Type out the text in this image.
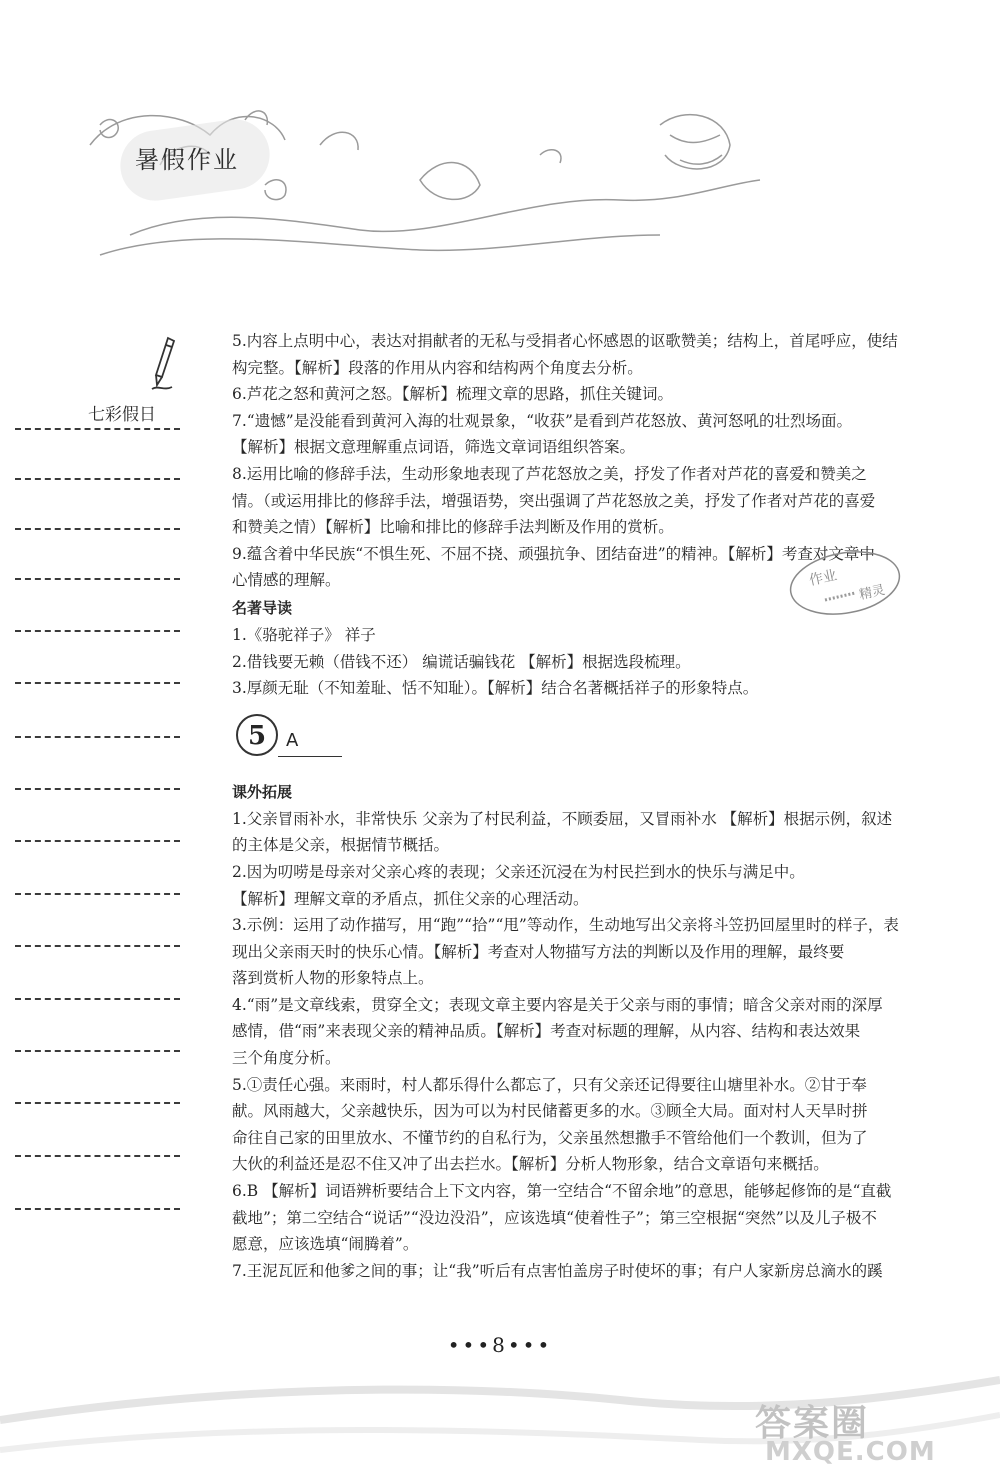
暑假作业
七彩假日
5.内容上点明中心，表达对捐献者的无私与受捐者心怀感恩的讴歌赞美；结构上，首尾呼应，使结
构完整。【解析】段落的作用从内容和结构两个角度去分析。
6.芦花之怒和黄河之怒。【解析】梳理文章的思路，抓住关键词。
7.“遗憾”是没能看到黄河入海的壮观景象，“收获”是看到芦花怒放、黄河怒吼的壮烈场面。
【解析】根据文意理解重点词语，筛选文章词语组织答案。
8.运用比喻的修辞手法，生动形象地表现了芦花怒放之美，抒发了作者对芦花的喜爱和赞美之
情。（或运用排比的修辞手法，增强语势，突出强调了芦花怒放之美，抒发了作者对芦花的喜爱
和赞美之情）【解析】比喻和排比的修辞手法判断及作用的赏析。
9.蕴含着中华民族“不惧生死、不屈不挠、顽强抗争、团结奋进”的精神。【解析】考查对文章中
心情感的理解。
名著导读
1.《骆驼祥子》 祥子
2.借钱要无赖（借钱不还） 编谎话骗钱花 【解析】根据选段梳理。
3.厚颜无耻（不知羞耻、恬不知耻）。【解析】结合名著概括祥子的形象特点。
5	A
课外拓展
1.父亲冒雨补水，非常快乐 父亲为了村民利益，不顾委屈，又冒雨补水 【解析】根据示例，叙述
的主体是父亲，根据情节概括。
2.因为叨唠是母亲对父亲心疼的表现；父亲还沉浸在为村民拦到水的快乐与满足中。
【解析】理解文章的矛盾点，抓住父亲的心理活动。
3.示例：运用了动作描写，用“跑”“拾”“甩”等动作，生动地写出父亲将斗笠扔回屋里时的样子，表
现出父亲雨天时的快乐心情。【解析】考查对人物描写方法的判断以及作用的理解，最终要
落到赏析人物的形象特点上。
4.“雨”是文章线索，贯穿全文；表现文章主要内容是关于父亲与雨的事情；暗含父亲对雨的深厚
感情，借“雨”来表现父亲的精神品质。【解析】考查对标题的理解，从内容、结构和表达效果
三个角度分析。
5.①责任心强。来雨时，村人都乐得什么都忘了，只有父亲还记得要往山塘里补水。②甘于奉
献。风雨越大，父亲越快乐，因为可以为村民储蓄更多的水。③顾全大局。面对村人天旱时拼
命往自己家的田里放水、不懂节约的自私行为，父亲虽然想撒手不管给他们一个教训，但为了
大伙的利益还是忍不住又冲了出去拦水。【解析】分析人物形象，结合文章语句来概括。
6.B 【解析】词语辨析要结合上下文内容，第一空结合“不留余地”的意思，能够起修饰的是“直截
截地”；第二空结合“说话”“没边没沿”，应该选填“使着性子”；第三空根据“突然”以及儿子极不
愿意，应该选填“闹腾着”。
7.王泥瓦匠和他爹之间的事；让“我”听后有点害怕盖房子时使坏的事；有户人家新房总滴水的蹊
作业
精灵
•••8•••
答案圈
MXQE.COM
